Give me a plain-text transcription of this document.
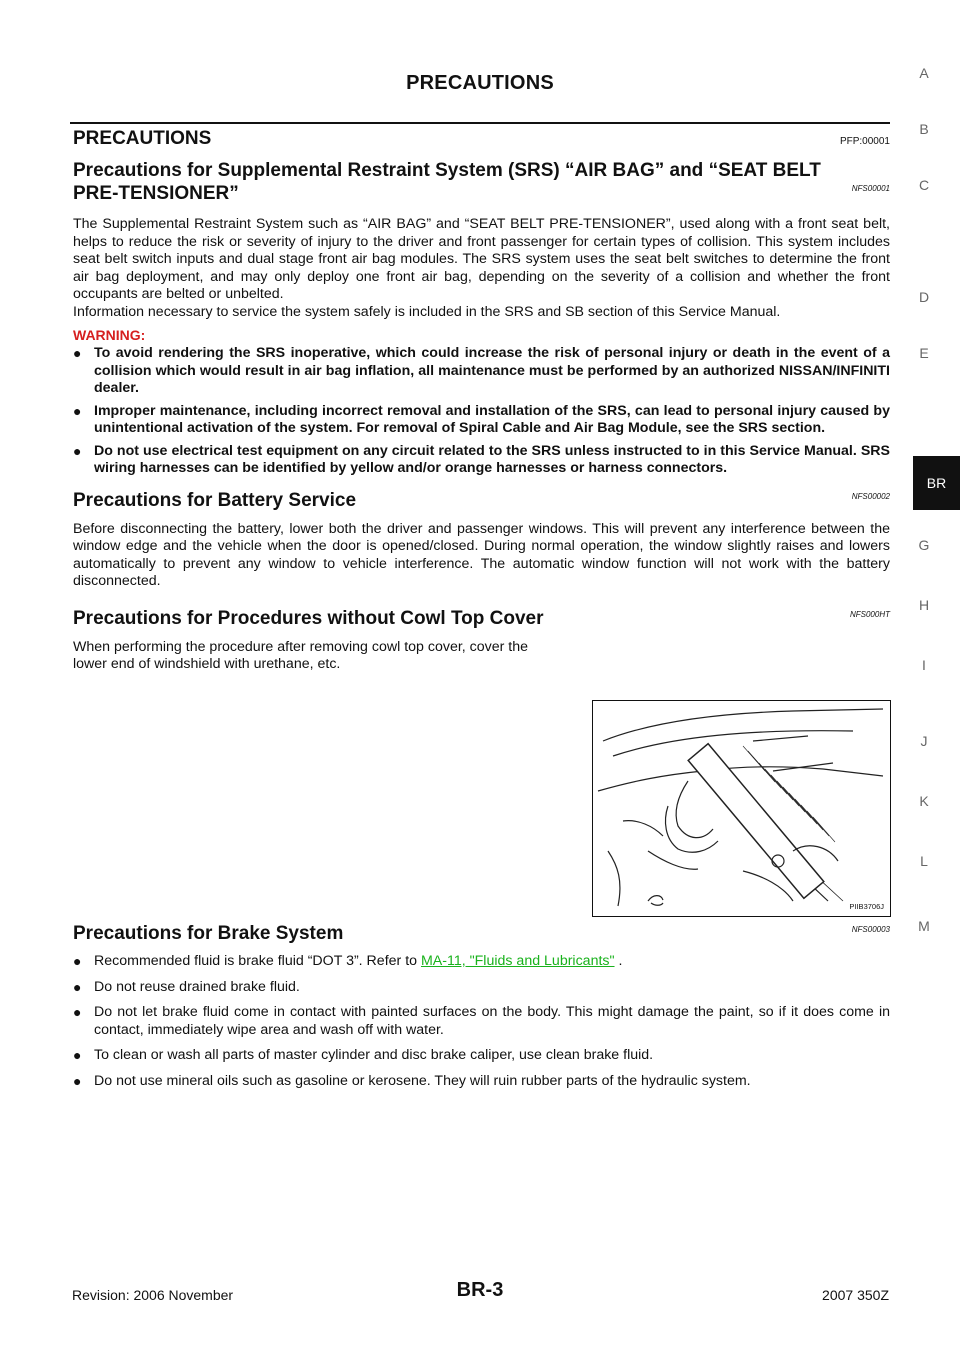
PRECAUTIONS	A
B
C
D
E
G
H
I
J
K
L
M
BR
PRECAUTIONS	PFP:00001
Precautions for Supplemental Restraint System (SRS) “AIR BAG” and “SEAT BELT PRE-TENSIONER”	NFS00001

The Supplemental Restraint System such as “AIR BAG” and “SEAT BELT PRE-TENSIONER”, used along with a front seat belt, helps to reduce the risk or severity of injury to the driver and front passenger for certain types of collision. This system includes seat belt switch inputs and dual stage front air bag modules. The SRS system uses the seat belt switches to determine the front air bag deployment, and may only deploy one front air bag, depending on the severity of a collision and whether the front occupants are belted or unbelted.

Information necessary to service the system safely is included in the SRS and SB section of this Service Manual.

WARNING:
● To avoid rendering the SRS inoperative, which could increase the risk of personal injury or death in the event of a collision which would result in air bag inflation, all maintenance must be performed by an authorized NISSAN/INFINITI dealer.
● Improper maintenance, including incorrect removal and installation of the SRS, can lead to personal injury caused by unintentional activation of the system. For removal of Spiral Cable and Air Bag Module, see the SRS section.
● Do not use electrical test equipment on any circuit related to the SRS unless instructed to in this Service Manual. SRS wiring harnesses can be identified by yellow and/or orange harnesses or harness connectors.
Precautions for Battery Service	NFS00002

Before disconnecting the battery, lower both the driver and passenger windows. This will prevent any interference between the window edge and the vehicle when the door is opened/closed. During normal operation, the window slightly raises and lowers automatically to prevent any window to vehicle interference. The automatic window function will not work with the battery disconnected.

Precautions for Procedures without Cowl Top Cover	NFS000HT

When performing the procedure after removing cowl top cover, cover the lower end of windshield with urethane, etc.

PIIB3706J
Precautions for Brake System	NFS00003
● Recommended fluid is brake fluid “DOT 3”. Refer to MA-11, "Fluids and Lubricants" .
● Do not reuse drained brake fluid.
● Do not let brake fluid come in contact with painted surfaces on the body. This might damage the paint, so if it does come in contact, immediately wipe area and wash off with water.
● To clean or wash all parts of master cylinder and disc brake caliper, use clean brake fluid.
● Do not use mineral oils such as gasoline or kerosene. They will ruin rubber parts of the hydraulic system.
Revision: 2006 November	BR-3	2007 350Z
